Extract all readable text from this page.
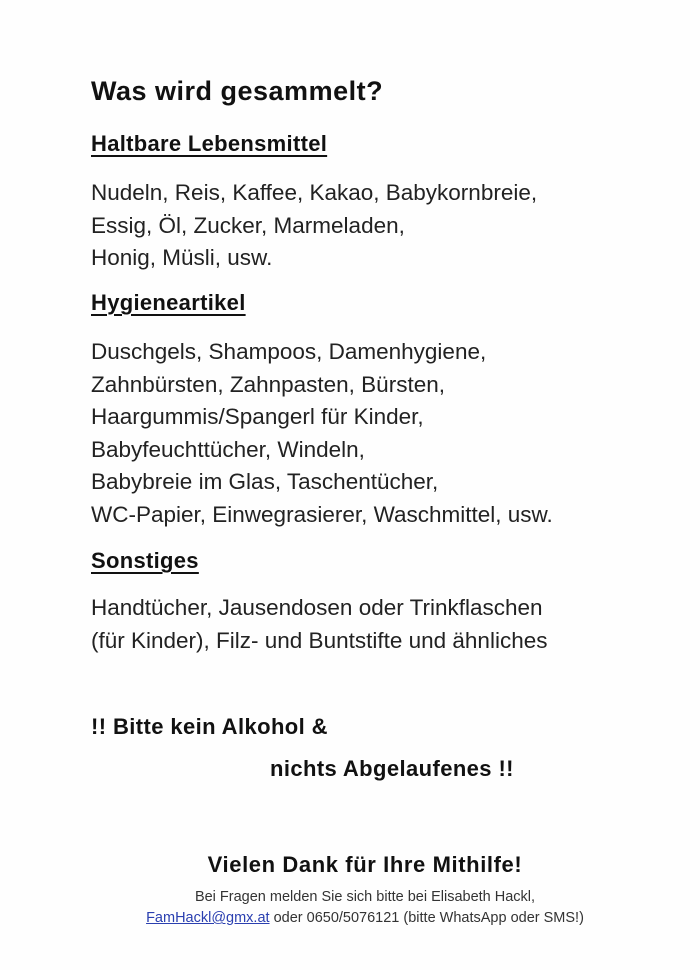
Was wird gesammelt?
Haltbare Lebensmittel
Nudeln, Reis, Kaffee, Kakao, Babykornbreie,
Essig, Öl, Zucker, Marmeladen,
Honig, Müsli, usw.
Hygieneartikel
Duschgels, Shampoos, Damenhygiene,
Zahnbürsten, Zahnpasten, Bürsten,
Haargummis/Spangerl für Kinder,
Babyfeuchttücher, Windeln,
Babybreie im Glas, Taschentücher,
WC-Papier, Einwegrasierer, Waschmittel, usw.
Sonstiges
Handtücher, Jausendosen oder Trinkflaschen
(für Kinder), Filz- und Buntstifte und ähnliches
!! Bitte kein Alkohol &
nichts Abgelaufenes !!
Vielen Dank für Ihre Mithilfe!
Bei Fragen melden Sie sich bitte bei Elisabeth Hackl,
FamHackl@gmx.at oder 0650/5076121 (bitte WhatsApp oder SMS!)
